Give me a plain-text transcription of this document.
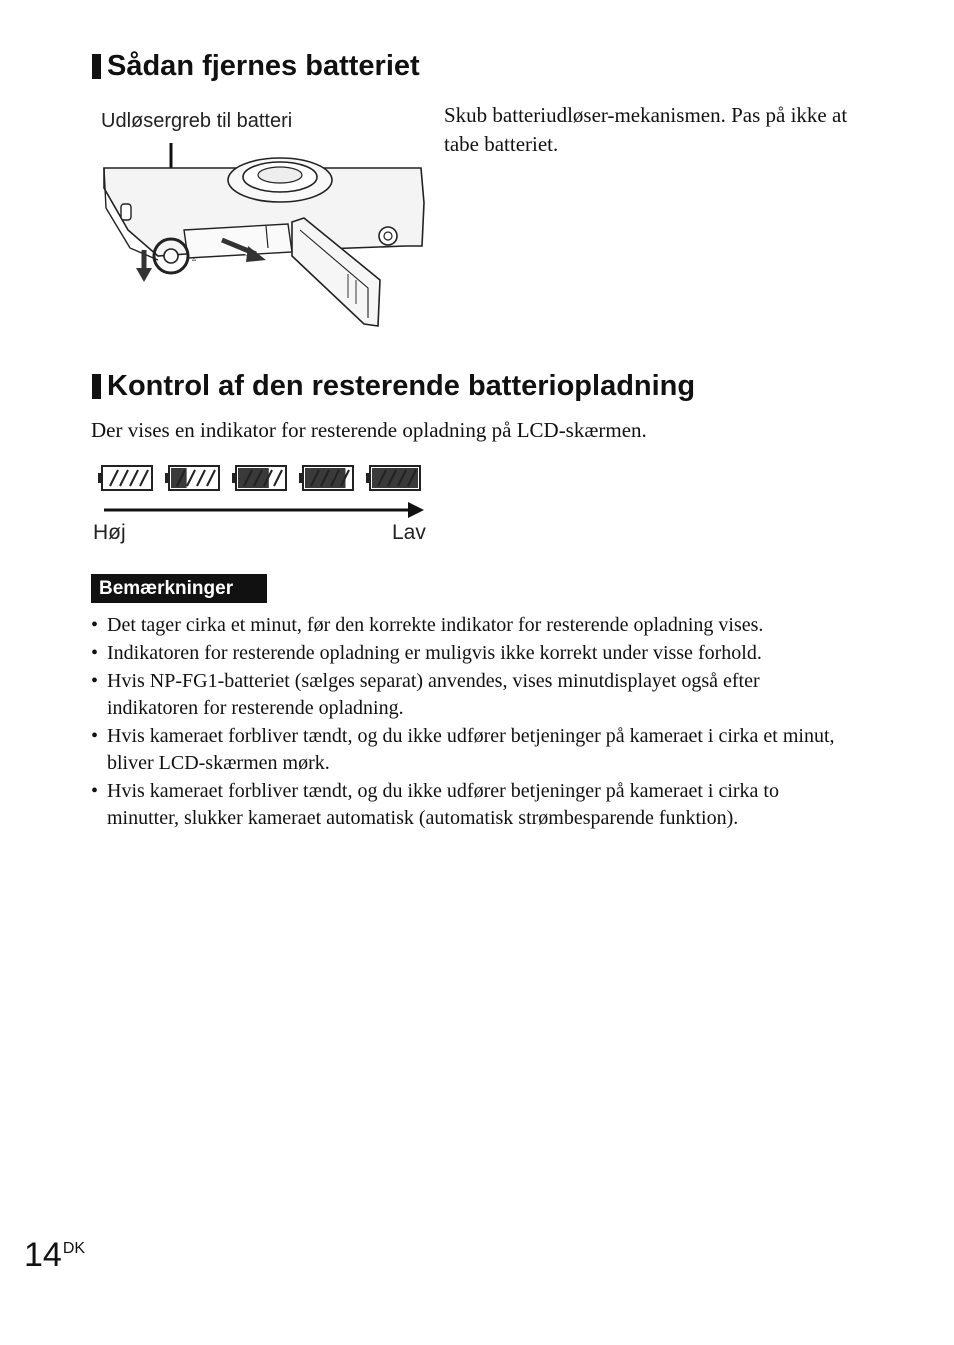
Sådan fjernes batteriet
Udløsergreb til batteri	Skub batteriudløser-mekanismen. Pas på ikke at tabe batteriet.
▵
Kontrol af den resterende batteriopladning
Der vises en indikator for resterende opladning på LCD-skærmen.
Høj	Lav
Bemærkninger
• Det tager cirka et minut, før den korrekte indikator for resterende opladning vises.
• Indikatoren for resterende opladning er muligvis ikke korrekt under visse forhold.
• Hvis NP-FG1-batteriet (sælges separat) anvendes, vises minutdisplayet også efter indikatoren for resterende opladning.
• Hvis kameraet forbliver tændt, og du ikke udfører betjeninger på kameraet i cirka et minut, bliver LCD-skærmen mørk.
• Hvis kameraet forbliver tændt, og du ikke udfører betjeninger på kameraet i cirka to minutter, slukker kameraet automatisk (automatisk strømbesparende funktion).
$14^{DK}$
